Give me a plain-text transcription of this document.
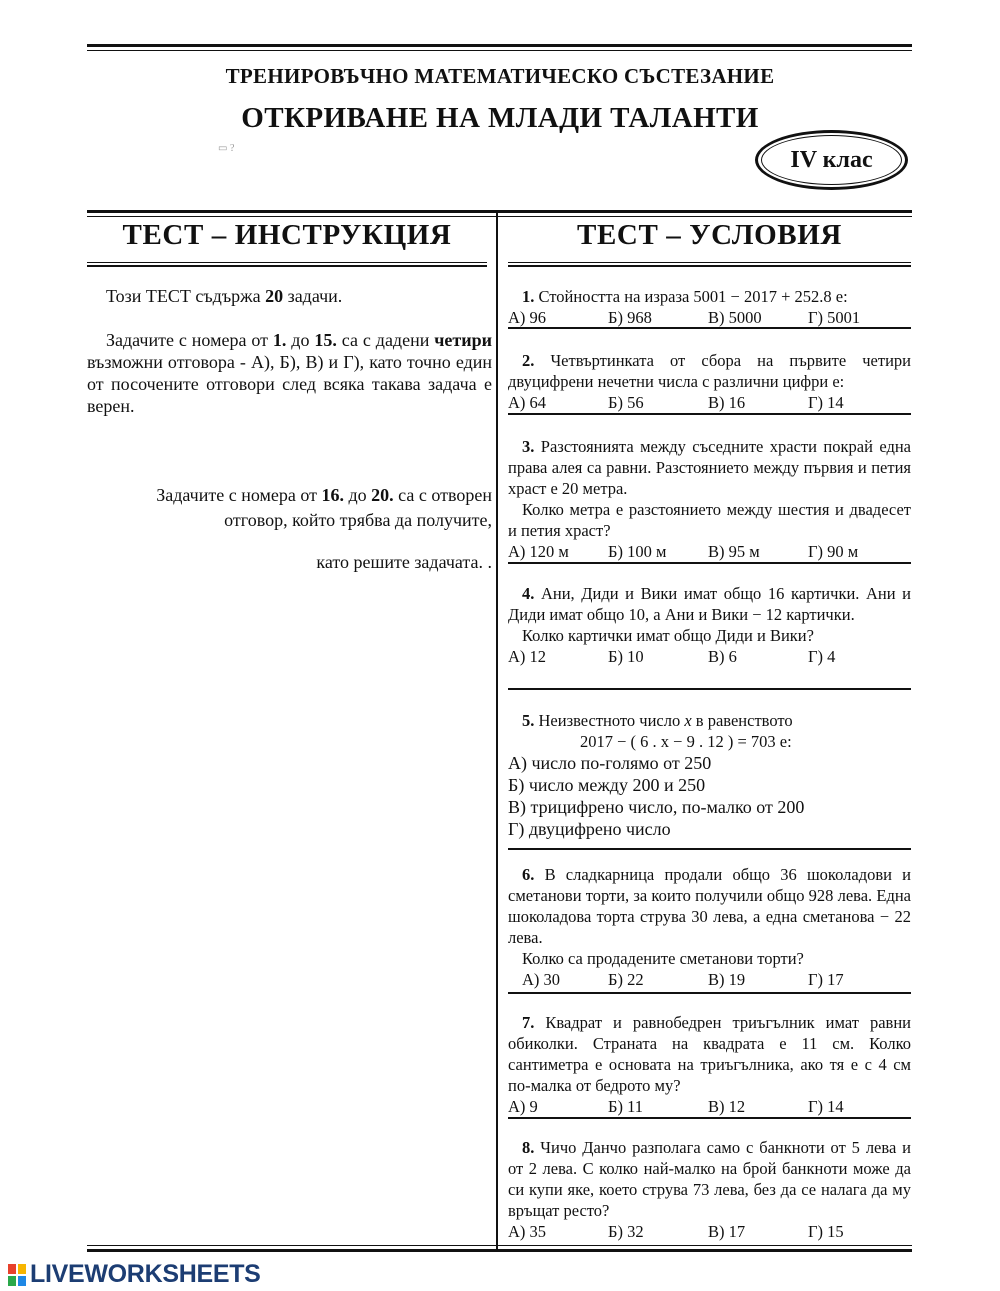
ТРЕНИРОВЪЧНО МАТЕМАТИЧЕСКО СЪСТЕЗАНИЕ
ОТКРИВАНЕ НА МЛАДИ ТАЛАНТИ
▭ ?	IV клас
ТЕСТ – ИНСТРУКЦИЯ	ТЕСТ – УСЛОВИЯ
Този ТЕСТ съдържа 20 задачи.
Задачите с номера от 1. до 15. са с дадени четири възможни отговора - А), Б), В) и Г), като точно един от посочените отговори след всяка такава задача е верен.
Задачите с номера от 16. до 20. са с отворен
отговор, който трябва да получите,
като решите задачата. .
1. Стойността на израза 5001 − 2017 + 252.8 е:
А) 96	Б) 968	В) 5000	Г) 5001
2. Четвъртинката от сбора на първите четири двуцифрени нечетни числа с различни цифри е:
А) 64	Б) 56	В) 16	Г) 14
3. Разстоянията между съседните храсти покрай една права алея са равни. Разстоянието между първия и петия храст е 20 метра.
Колко метра е разстоянието между шестия и двадесет и петия храст?
А) 120 м	Б) 100 м	В) 95 м	Г) 90 м
4. Ани, Диди и Вики имат общо 16 картички. Ани и Диди имат общо 10, а Ани и Вики − 12 картички.
Колко картички имат общо Диди и Вики?
А) 12	Б) 10	В) 6	Г) 4
5. Неизвестното число x в равенството
2017 − ( 6 . x − 9 . 12 ) = 703 е:
А) число по-голямо от 250
Б) число между 200 и 250
В) трицифрено число, по-малко от 200
Г) двуцифрено число
6. В сладкарница продали общо 36 шоколадови и сметанови торти, за които получили общо 928 лева. Една шоколадова торта струва 30 лева, а една сметанова − 22 лева.
Колко са продадените сметанови торти?
А) 30	Б) 22	В) 19	Г) 17
7. Квадрат и равнобедрен триъгълник имат равни обиколки. Страната на квадрата е 11 см. Колко сантиметра е основата на триъгълника, ако тя е с 4 см по-малка от бедрото му?
А) 9	Б) 11	В) 12	Г) 14
8. Чичо Данчо разполага само с банкноти от 5 лева и от 2 лева. С колко най-малко на брой банкноти може да си купи яке, което струва 73 лева, без да се налага да му връщат ресто?
А) 35	Б) 32	В) 17	Г) 15
LIVEWORKSHEETS
